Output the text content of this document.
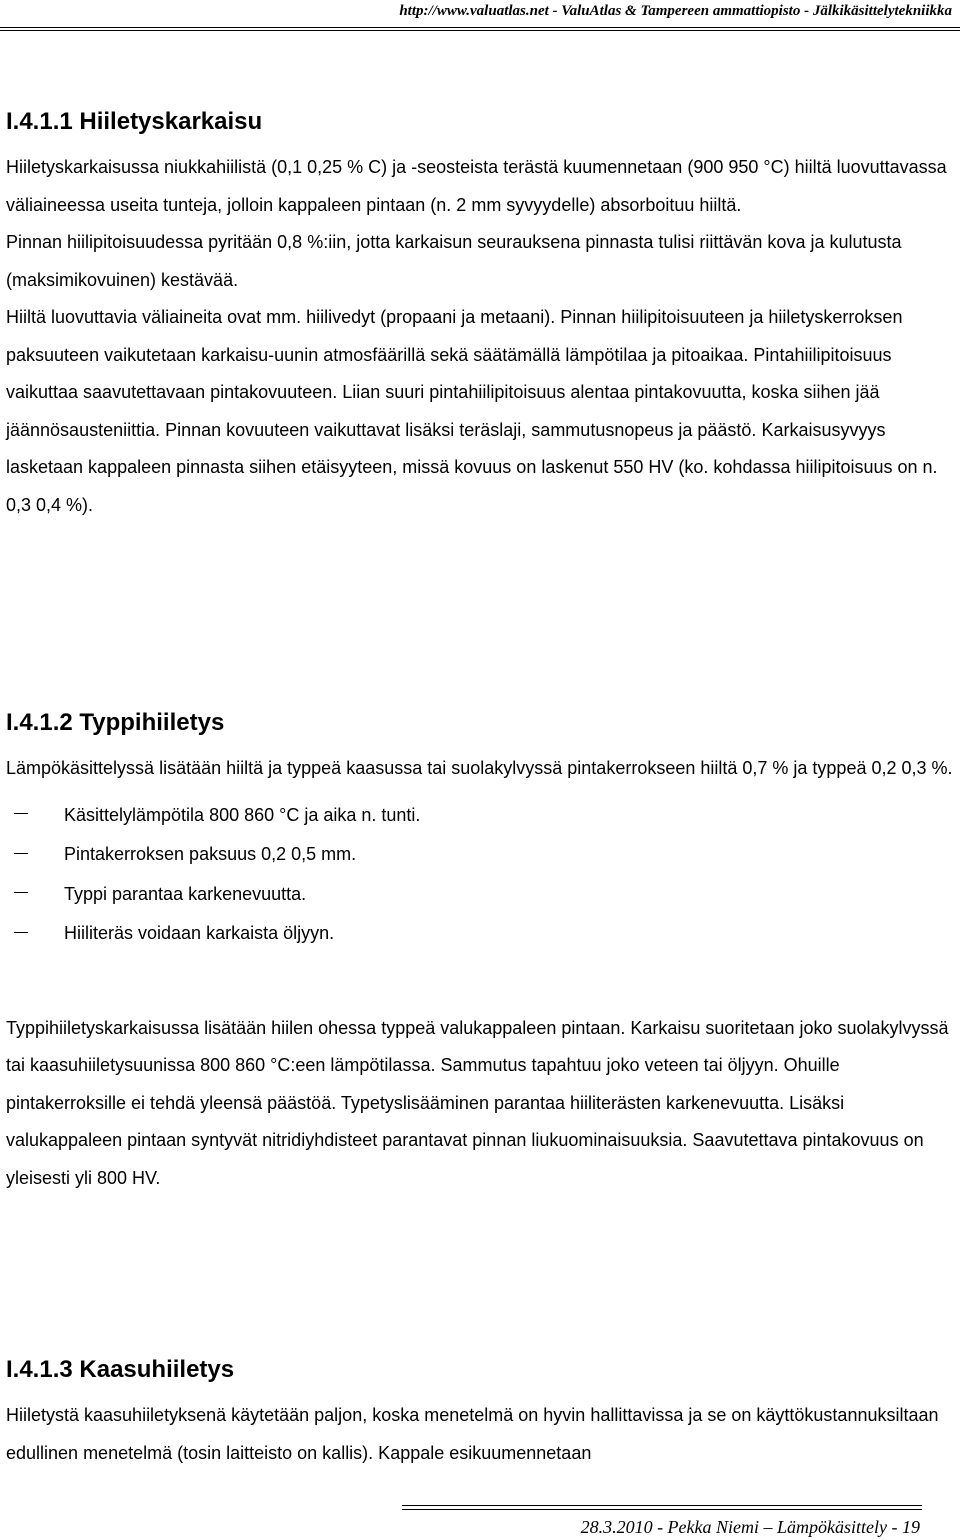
http://www.valuatlas.net - ValuAtlas & Tampereen ammattiopisto - Jälkikäsittelytekniikka
I.4.1.1 Hiiletyskarkaisu

Hiiletyskarkaisussa niukkahiilistä (0,1 0,25 % C) ja -seosteista terästä kuumennetaan (900 950 °C) hiiltä luovuttavassa väliaineessa useita tunteja, jolloin kappaleen pintaan (n. 2 mm syvyydelle) absorboituu hiiltä.

Pinnan hiilipitoisuudessa pyritään 0,8 %:iin, jotta karkaisun seurauksena pinnasta tulisi riittävän kova ja kulutusta (maksimikovuinen) kestävää.

Hiiltä luovuttavia väliaineita ovat mm. hiilivedyt (propaani ja metaani). Pinnan hiilipitoisuuteen ja hiiletyskerroksen paksuuteen vaikutetaan karkaisu-uunin atmosfäärillä sekä säätämällä lämpötilaa ja pitoaikaa. Pintahiilipitoisuus vaikuttaa saavutettavaan pintakovuuteen. Liian suuri pintahiilipitoisuus alentaa pintakovuutta, koska siihen jää jäännösausteniittia. Pinnan kovuuteen vaikuttavat lisäksi teräslaji, sammutusnopeus ja päästö. Karkaisusyvyys lasketaan kappaleen pinnasta siihen etäisyyteen, missä kovuus on laskenut 550 HV (ko. kohdassa hiilipitoisuus on n. 0,3 0,4 %).

I.4.1.2 Typpihiiletys

Lämpökäsittelyssä lisätään hiiltä ja typpeä kaasussa tai suolakylvyssä pintakerrokseen hiiltä 0,7 % ja typpeä 0,2 0,3 %.

Käsittelylämpötila 800 860 °C ja aika n. tunti.
Pintakerroksen paksuus 0,2 0,5 mm.
Typpi parantaa karkenevuutta.
Hiiliteräs voidaan karkaista öljyyn.

Typpihiiletyskarkaisussa lisätään hiilen ohessa typpeä valukappaleen pintaan. Karkaisu suoritetaan joko suolakylvyssä tai kaasuhiiletysuunissa 800 860 °C:een lämpötilassa. Sammutus tapahtuu joko veteen tai öljyyn. Ohuille pintakerroksille ei tehdä yleensä päästöä. Typetyslisääminen parantaa hiiliterästen karkenevuutta. Lisäksi valukappaleen pintaan syntyvät nitridiyhdisteet parantavat pinnan liukuominaisuuksia. Saavutettava pintakovuus on yleisesti yli 800 HV.

I.4.1.3 Kaasuhiiletys

Hiiletystä kaasuhiiletyksenä käytetään paljon, koska menetelmä on hyvin hallittavissa ja se on käyttökustannuksiltaan edullinen menetelmä (tosin laitteisto on kallis). Kappale esikuumennetaan

28.3.2010 - Pekka Niemi – Lämpökäsittely - 19
